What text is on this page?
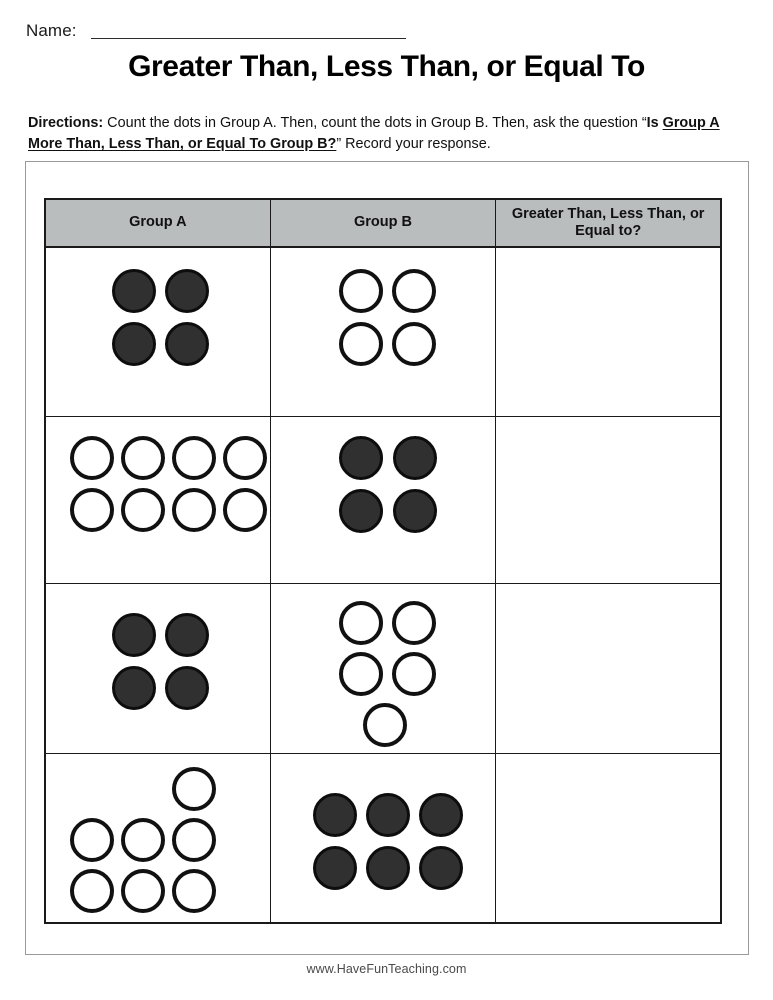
Name:
Greater Than, Less Than, or Equal To
Directions: Count the dots in Group A. Then, count the dots in Group B. Then, ask the question “Is Group A More Than, Less Than, or Equal To Group B?” Record your response.
Group A	Group B
Greater Than, Less Than, or Equal to?
www.HaveFunTeaching.com
